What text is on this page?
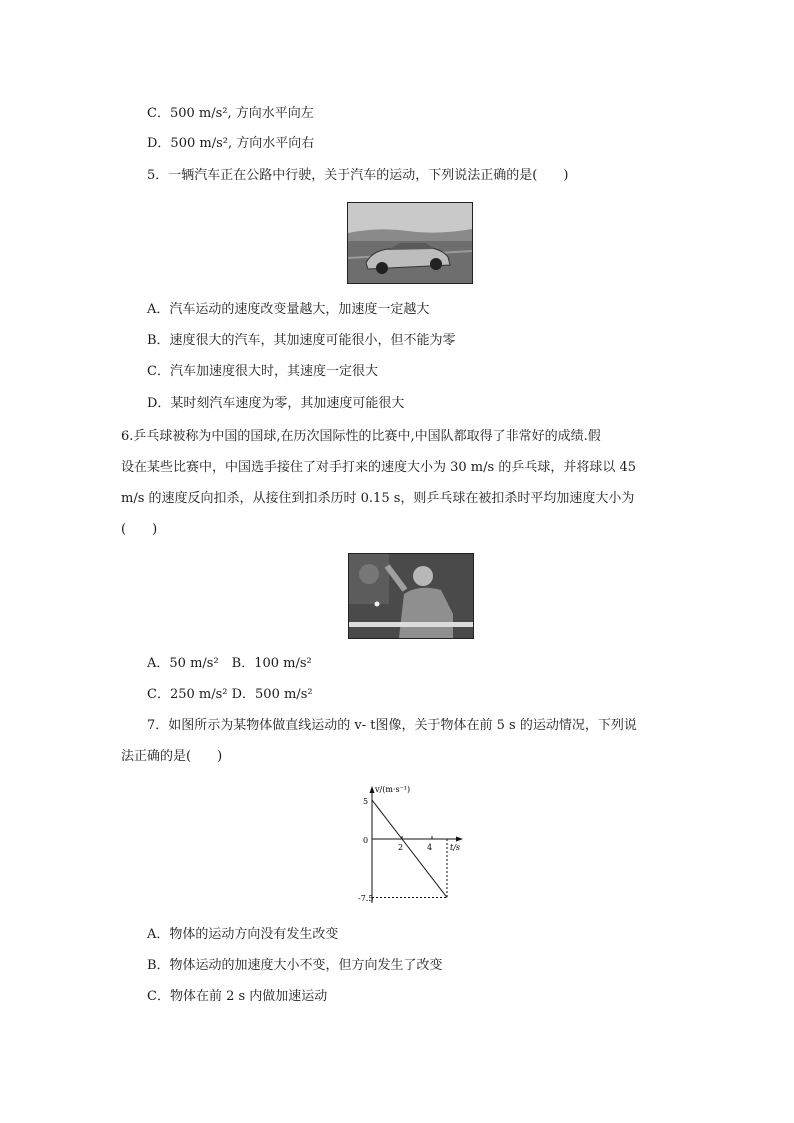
C．500 m/s², 方向水平向左
D．500 m/s², 方向水平向右
5．一辆汽车正在公路中行驶，关于汽车的运动，下列说法正确的是(　　)
A．汽车运动的速度改变量越大，加速度一定越大
B．速度很大的汽车，其加速度可能很小，但不能为零
C．汽车加速度很大时，其速度一定很大
D．某时刻汽车速度为零，其加速度可能很大
6.乒乓球被称为中国的国球,在历次国际性的比赛中,中国队都取得了非常好的成绩.假
设在某些比赛中，中国选手接住了对手打来的速度大小为 30 m/s 的乒乓球，并将球以 45
m/s 的速度反向扣杀，从接住到扣杀历时 0.15 s，则乒乓球在被扣杀时平均加速度大小为
(　　)
A．50 m/s²　B．100 m/s²
C．250 m/s² D．500 m/s²
7．如图所示为某物体做直线运动的 v- t图像，关于物体在前 5 s 的运动情况，下列说
法正确的是(　　)
v/(m·s⁻¹)
t/s
5
0
-7.5
2	4
A．物体的运动方向没有发生改变
B．物体运动的加速度大小不变，但方向发生了改变
C．物体在前 2 s 内做加速运动
